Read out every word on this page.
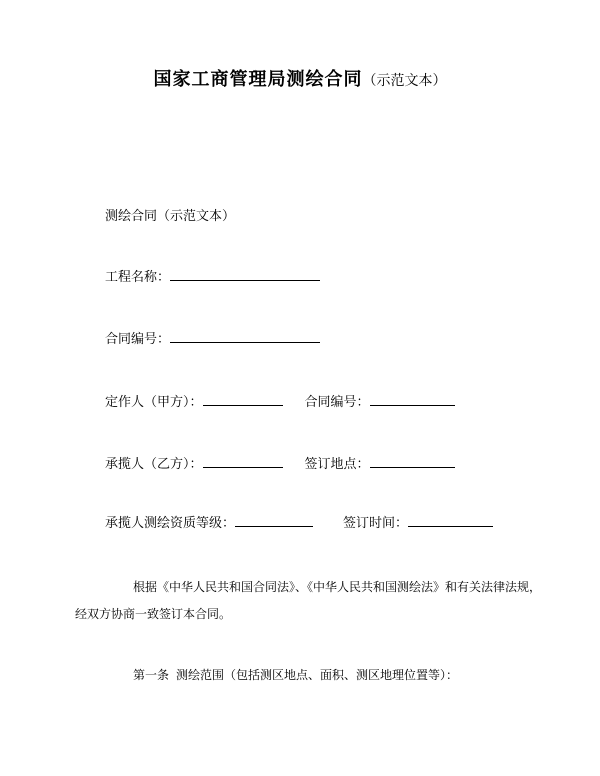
国家工商管理局测绘合同（示范文本）
测绘合同（示范文本）
工程名称：
合同编号：
定作人（甲方）：	合同编号：
承揽人（乙方）：	签订地点：
承揽人测绘资质等级：	签订时间：
根据《中华人民共和国合同法》、《中华人民共和国测绘法》和有关法律法规，
经双方协商一致签订本合同。
第一条 测绘范围（包括测区地点、面积、测区地理位置等）：
